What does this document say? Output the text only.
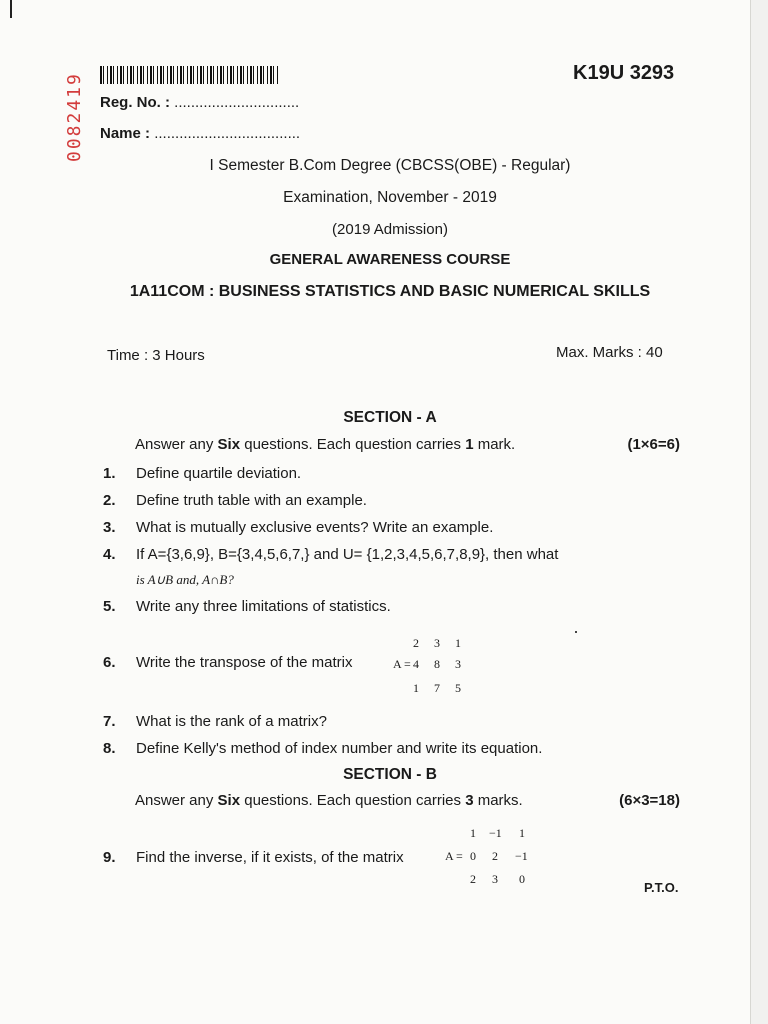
0082419	K19U 3293
Reg. No. : ..............................
Name : ...................................
I Semester B.Com Degree (CBCSS(OBE) - Regular)
Examination, November - 2019
(2019 Admission)
GENERAL AWARENESS COURSE
1A11COM : BUSINESS STATISTICS AND BASIC NUMERICAL SKILLS
Time : 3 Hours	Max. Marks : 40
SECTION - A
Answer any Six questions. Each question carries 1 mark.	(1×6=6)
1. Define quartile deviation.
2. Define truth table with an example.
3. What is mutually exclusive events? Write an example.
4. If A={3,6,9}, B={3,4,5,6,7,} and U= {1,2,3,4,5,6,7,8,9}, then what
is A∪B and, A∩B?
5. Write any three limitations of statistics.
6. Write the transpose of the matrix	A =
2 3 1
4 8 3
1 7 5
7. What is the rank of a matrix?
8. Define Kelly's method of index number and write its equation.
SECTION - B
Answer any Six questions. Each question carries 3 marks.	(6×3=18)
9. Find the inverse, if it exists, of the matrix	A =
1 −1 1
0 2 −1
2 3 0
P.T.O.
